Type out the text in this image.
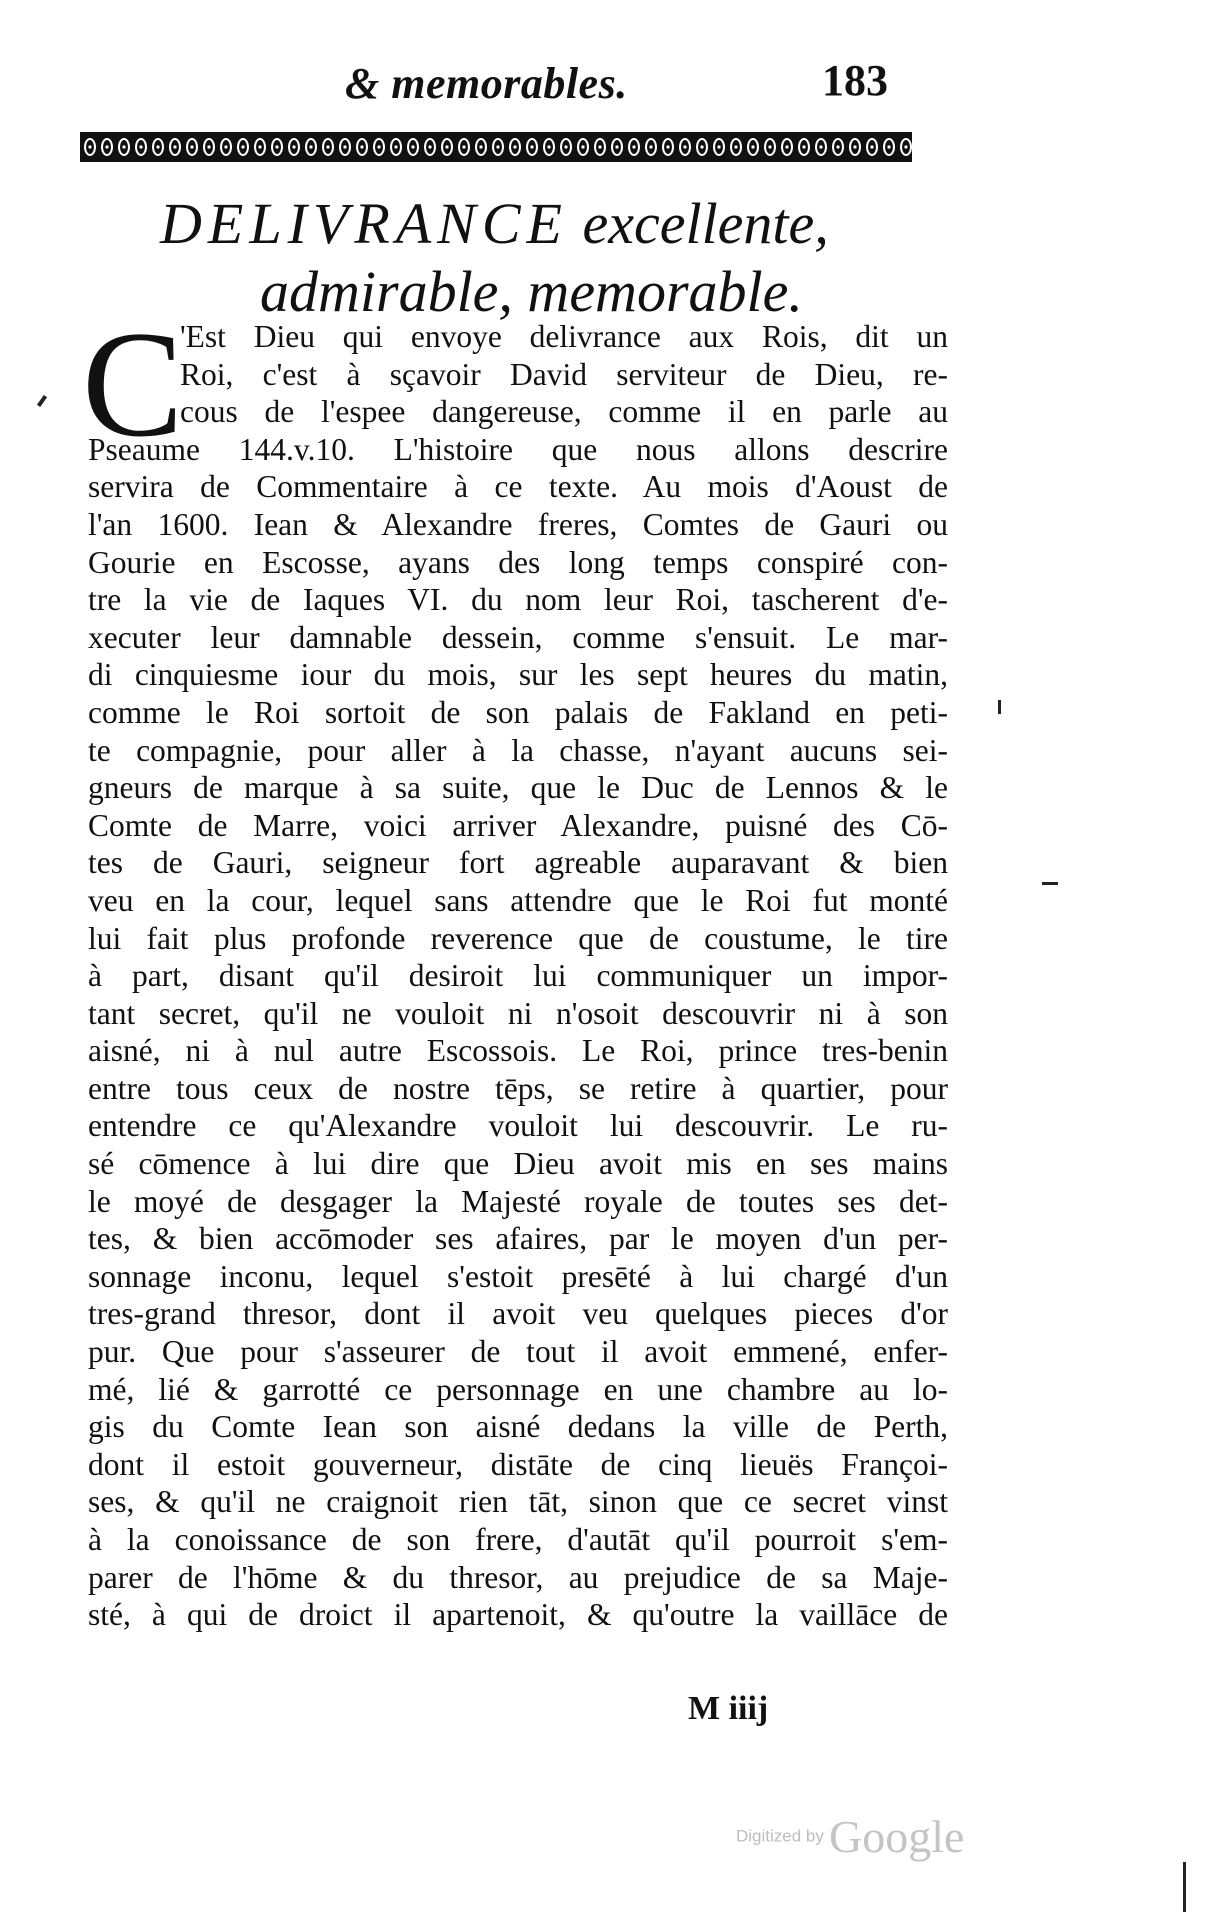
& memorables.	183
DELIVRANCE excellente,
admirable, memorable.
C
'Est Dieu qui envoye delivrance aux Rois, dit un
Roi, c'est à sçavoir David serviteur de Dieu, re-
cous de l'espee dangereuse, comme il en parle au
Pseaume 144.v.10. L'histoire que nous allons descrire
servira de Commentaire à ce texte. Au mois d'Aoust de
l'an 1600. Iean & Alexandre freres, Comtes de Gauri ou
Gourie en Escosse, ayans des long temps conspiré con-
tre la vie de Iaques VI. du nom leur Roi, tascherent d'e-
xecuter leur damnable dessein, comme s'ensuit. Le mar-
di cinquiesme iour du mois, sur les sept heures du matin,
comme le Roi sortoit de son palais de Fakland en peti-
te compagnie, pour aller à la chasse, n'ayant aucuns sei-
gneurs de marque à sa suite, que le Duc de Lennos & le
Comte de Marre, voici arriver Alexandre, puisné des Cō-
tes de Gauri, seigneur fort agreable auparavant & bien
veu en la cour, lequel sans attendre que le Roi fut monté
lui fait plus profonde reverence que de coustume, le tire
à part, disant qu'il desiroit lui communiquer un impor-
tant secret, qu'il ne vouloit ni n'osoit descouvrir ni à son
aisné, ni à nul autre Escossois. Le Roi, prince tres-benin
entre tous ceux de nostre tēps, se retire à quartier, pour
entendre ce qu'Alexandre vouloit lui descouvrir. Le ru-
sé cōmence à lui dire que Dieu avoit mis en ses mains
le moyé de desgager la Majesté royale de toutes ses det-
tes, & bien accōmoder ses afaires, par le moyen d'un per-
sonnage inconu, lequel s'estoit presēté à lui chargé d'un
tres-grand thresor, dont il avoit veu quelques pieces d'or
pur. Que pour s'asseurer de tout il avoit emmené, enfer-
mé, lié & garrotté ce personnage en une chambre au lo-
gis du Comte Iean son aisné dedans la ville de Perth,
dont il estoit gouverneur, distāte de cinq lieuës Françoi-
ses, & qu'il ne craignoit rien tāt, sinon que ce secret vinst
à la conoissance de son frere, d'autāt qu'il pourroit s'em-
parer de l'hōme & du thresor, au prejudice de sa Maje-
sté, à qui de droict il apartenoit, & qu'outre la vaillāce de
M iiij
Digitized by Google
